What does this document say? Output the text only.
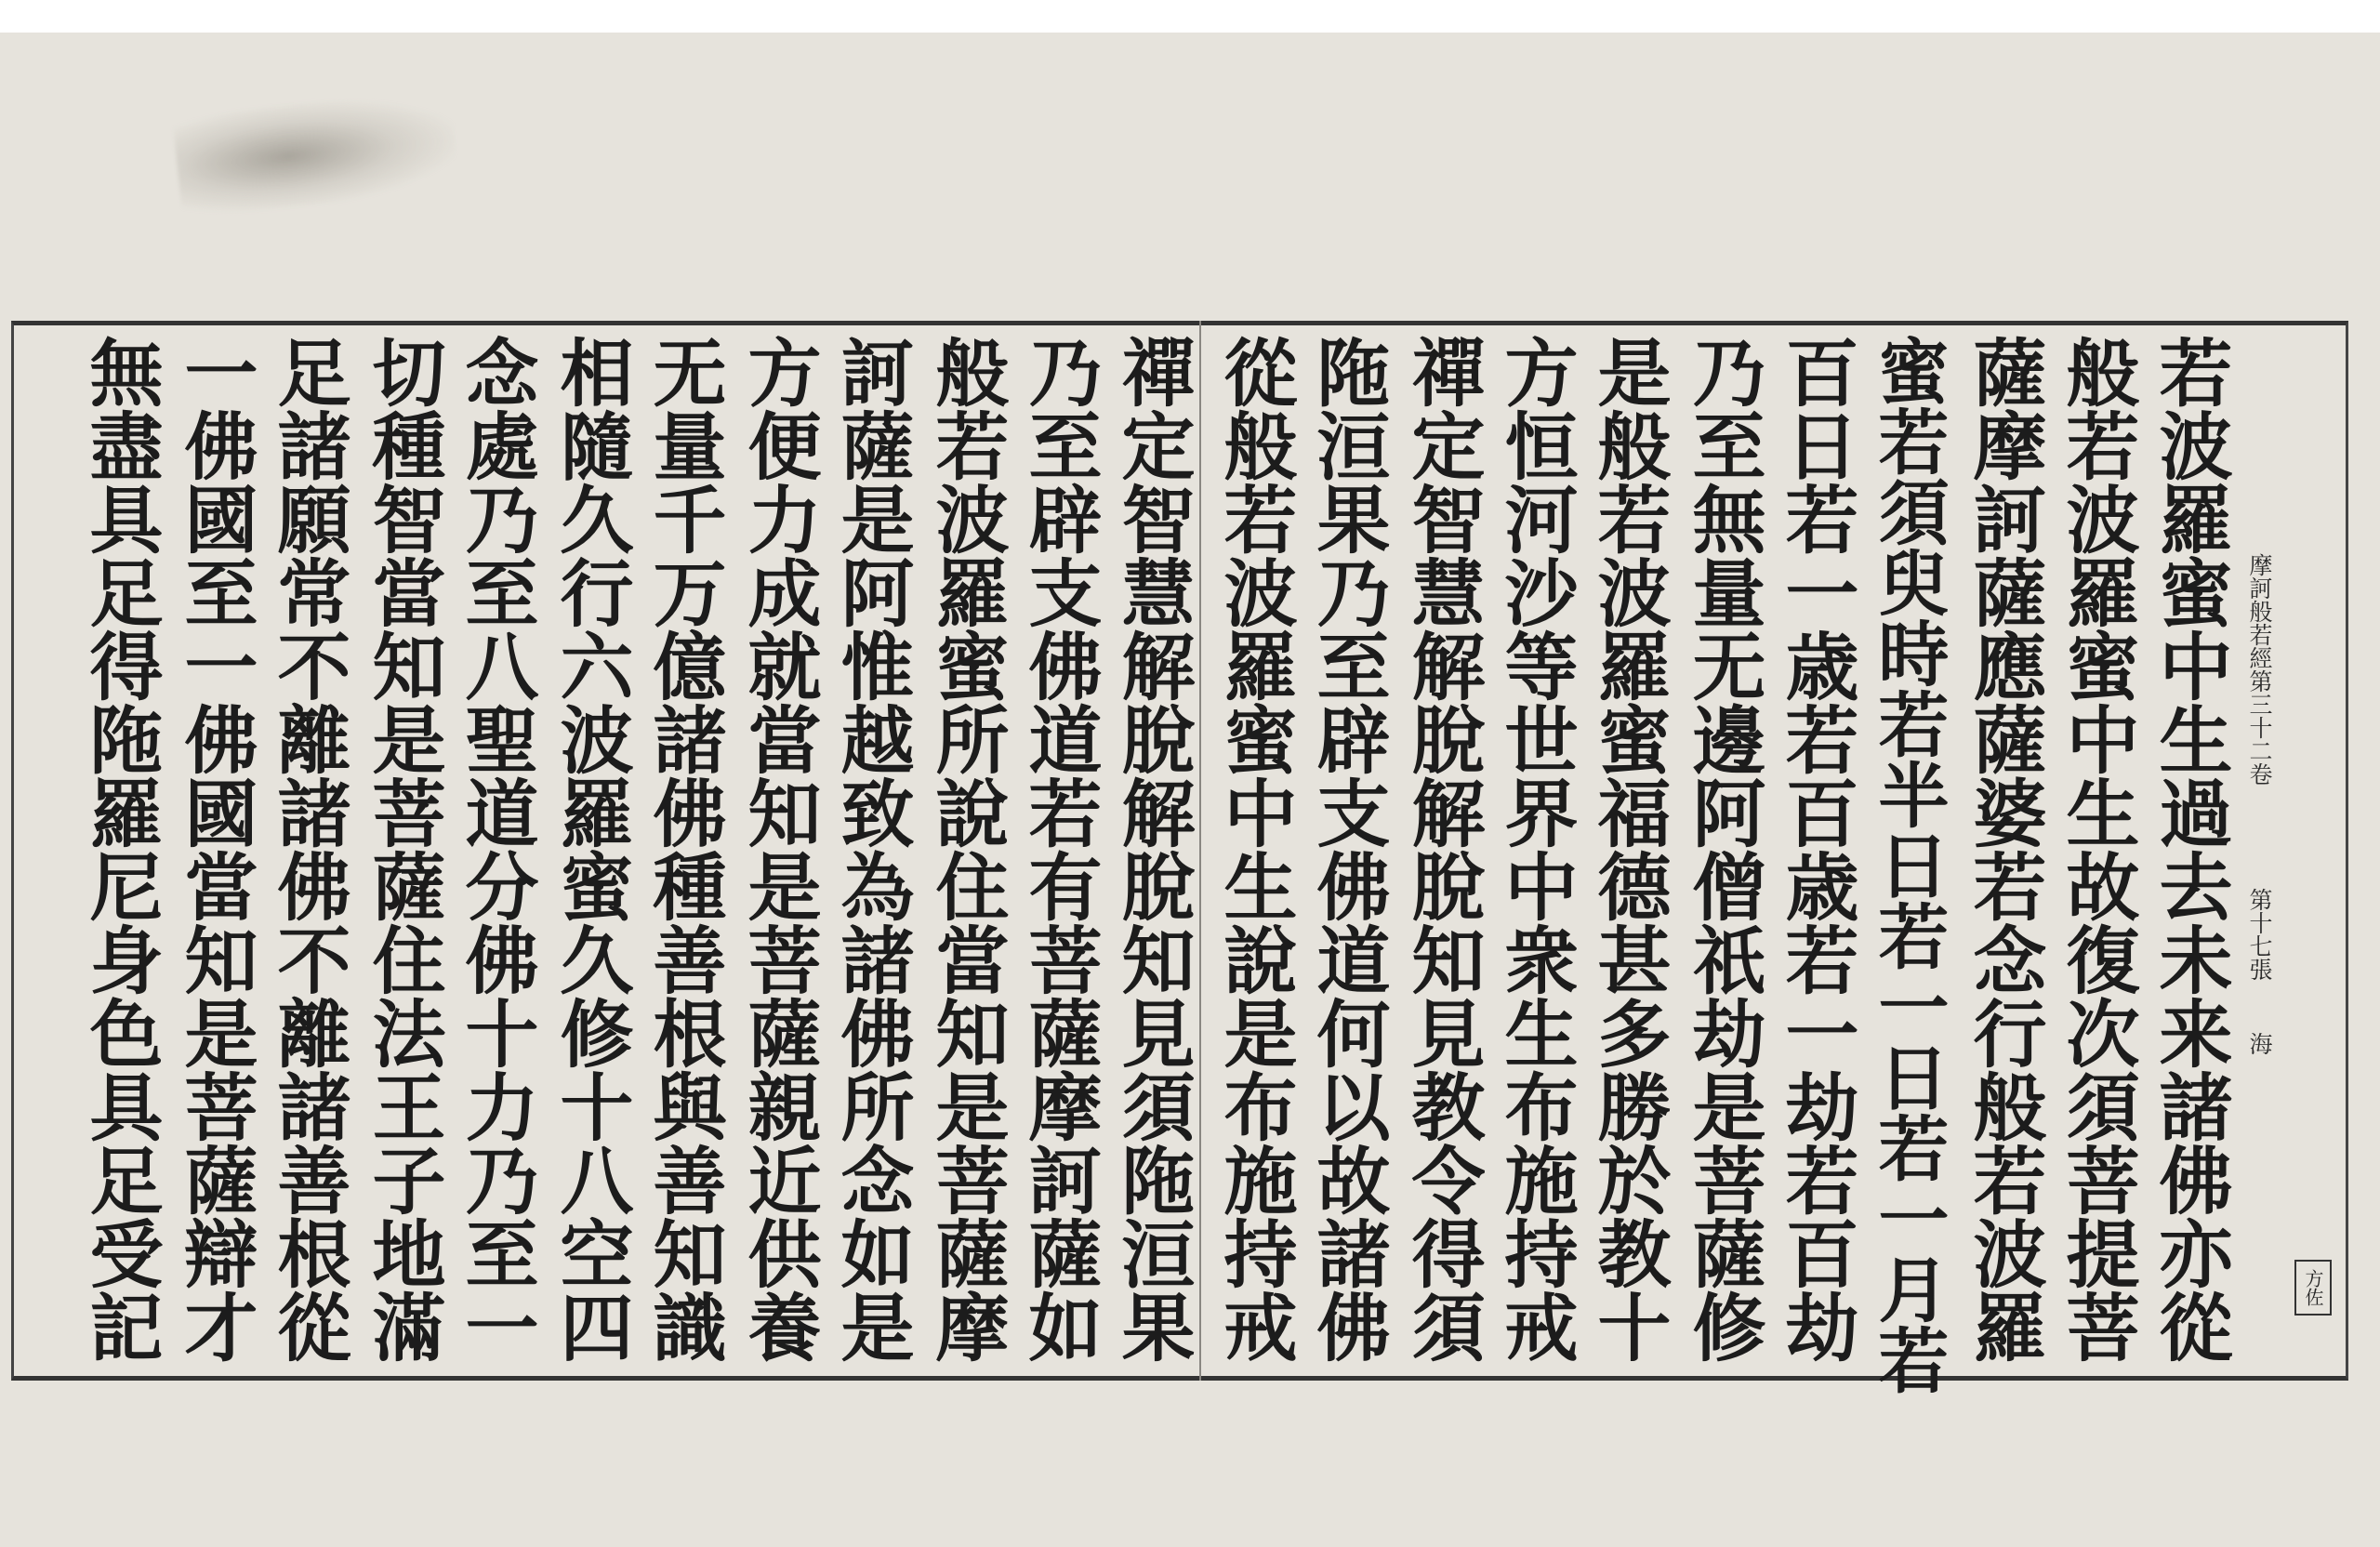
摩訶般若經第三十二卷
第十七張
海
方佐
若波羅蜜中生過去未来諸佛亦從
般若波羅蜜中生故復次須菩提菩
薩摩訶薩應薩婆若念行般若波羅
蜜若須臾時若半日若一日若一月若
百日若一歳若百歳若一劫若百劫
乃至無量无邊阿僧祇劫是菩薩修
是般若波羅蜜福德甚多勝於教十
方恒河沙等世界中衆生布施持戒
禪定智慧解脫解脫知見教令得須
陁洹果乃至辟支佛道何以故諸佛
從般若波羅蜜中生說是布施持戒
禪定智慧解脫解脫知見須陁洹果
乃至辟支佛道若有菩薩摩訶薩如
般若波羅蜜所說住當知是菩薩摩
訶薩是阿惟越致為諸佛所念如是
方便力成就當知是菩薩親近供養
无量千万億諸佛種善根與善知識
相隨久行六波羅蜜久修十八空四
念處乃至八聖道分佛十力乃至一
切種智當知是菩薩住法王子地滿
足諸願常不離諸佛不離諸善根從
一佛國至一佛國當知是菩薩辯才
無盡具足得陁羅尼身色具足受記
